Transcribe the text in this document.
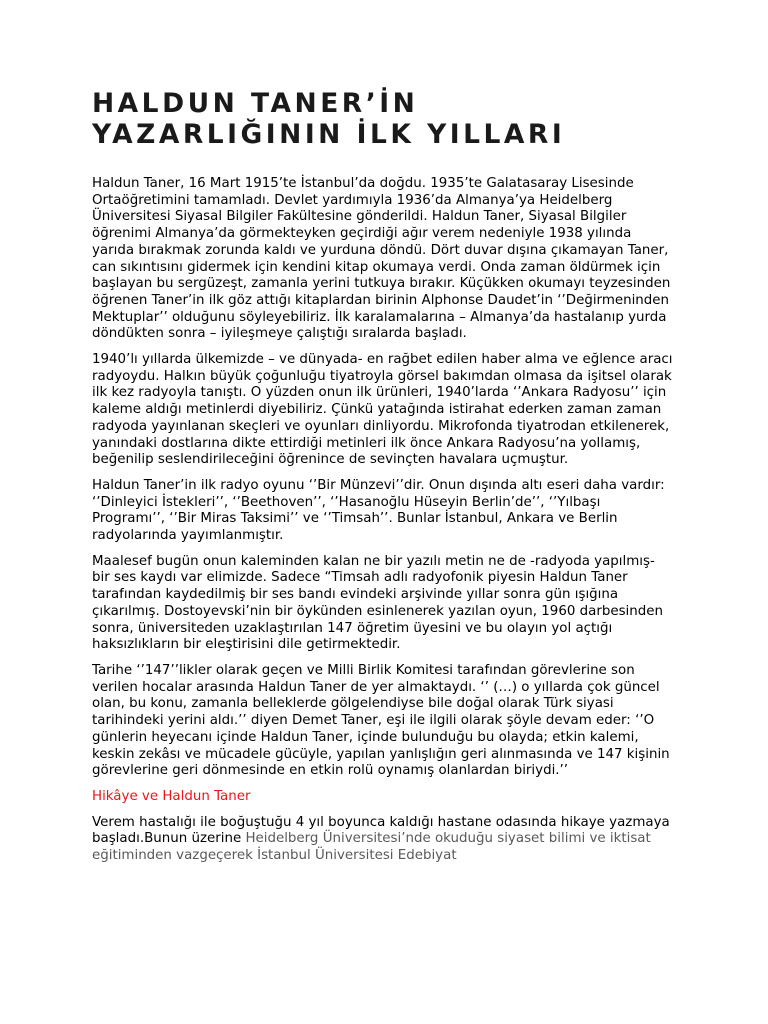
HALDUN TANER’İN
YAZARLIĞININ İLK YILLARI

Haldun Taner, 16 Mart 1915’te İstanbul’da doğdu. 1935’te Galatasaray Lisesinde Ortaöğretimini tamamladı. Devlet yardımıyla 1936’da Almanya’ya Heidelberg Üniversitesi Siyasal Bilgiler Fakültesine gönderildi. Haldun Taner, Siyasal Bilgiler öğrenimi Almanya’da görmekteyken geçirdiği ağır verem nedeniyle 1938 yılında yarıda bırakmak zorunda kaldı ve yurduna döndü. Dört duvar dışına çıkamayan Taner, can sıkıntısını gidermek için kendini kitap okumaya verdi. Onda zaman öldürmek için başlayan bu sergüzeşt, zamanla yerini tutkuya bırakır. Küçükken okumayı teyzesinden öğrenen Taner’in ilk göz attığı kitaplardan birinin Alphonse Daudet’in ‘’Değirmeninden Mektuplar’’ olduğunu söyleyebiliriz. İlk karalamalarına – Almanya’da hastalanıp yurda döndükten sonra – iyileşmeye çalıştığı sıralarda başladı.

1940’lı yıllarda ülkemizde – ve dünyada- en rağbet edilen haber alma ve eğlence aracı radyoydu. Halkın büyük çoğunluğu tiyatroyla görsel bakımdan olmasa da işitsel olarak ilk kez radyoyla tanıştı. O yüzden onun ilk ürünleri, 1940’larda ‘’Ankara Radyosu’’ için kaleme aldığı metinlerdi diyebiliriz. Çünkü yatağında istirahat ederken zaman zaman radyoda yayınlanan skeçleri ve oyunları dinliyordu. Mikrofonda tiyatrodan etkilenerek, yanındaki dostlarına dikte ettirdiği metinleri ilk önce Ankara Radyosu’na yollamış, beğenilip seslendirileceğini öğrenince de sevinçten havalara uçmuştur.

Haldun Taner’in ilk radyo oyunu ‘’Bir Münzevi’’dir. Onun dışında altı eseri daha vardır: ‘’Dinleyici İstekleri’’, ‘’Beethoven’’, ‘’Hasanoğlu Hüseyin Berlin’de’’, ‘’Yılbaşı Programı’’, ‘’Bir Miras Taksimi’’ ve ‘’Timsah’’. Bunlar İstanbul, Ankara ve Berlin radyolarında yayımlanmıştır.

Maalesef bugün onun kaleminden kalan ne bir yazılı metin ne de -radyoda yapılmış- bir ses kaydı var elimizde. Sadece “Timsah adlı radyofonik piyesin Haldun Taner tarafından kaydedilmiş bir ses bandı evindeki arşivinde yıllar sonra gün ışığına çıkarılmış. Dostoyevski’nin bir öykünden esinlenerek yazılan oyun, 1960 darbesinden sonra, üniversiteden uzaklaştırılan 147 öğretim üyesini ve bu olayın yol açtığı haksızlıkların bir eleştirisini dile getirmektedir.

Tarihe ‘’147’’likler olarak geçen ve Milli Birlik Komitesi tarafından görevlerine son verilen hocalar arasında Haldun Taner de yer almaktaydı. ‘’ (…) o yıllarda çok güncel olan, bu konu, zamanla belleklerde gölgelendiyse bile doğal olarak Türk siyasi tarihindeki yerini aldı.’’ diyen Demet Taner, eşi ile ilgili olarak şöyle devam eder: ‘’O günlerin heyecanı içinde Haldun Taner, içinde bulunduğu bu olayda; etkin kalemi, keskin zekâsı ve mücadele gücüyle, yapılan yanlışlığın geri alınmasında ve 147 kişinin görevlerine geri dönmesinde en etkin rolü oynamış olanlardan biriydi.’’

Hikâye ve Haldun Taner

Verem hastalığı ile boğuştuğu 4 yıl boyunca kaldığı hastane odasında hikaye yazmaya başladı.Bunun üzerine Heidelberg Üniversitesi’nde okuduğu siyaset bilimi ve iktisat eğitiminden vazgeçerek İstanbul Üniversitesi Edebiyat
